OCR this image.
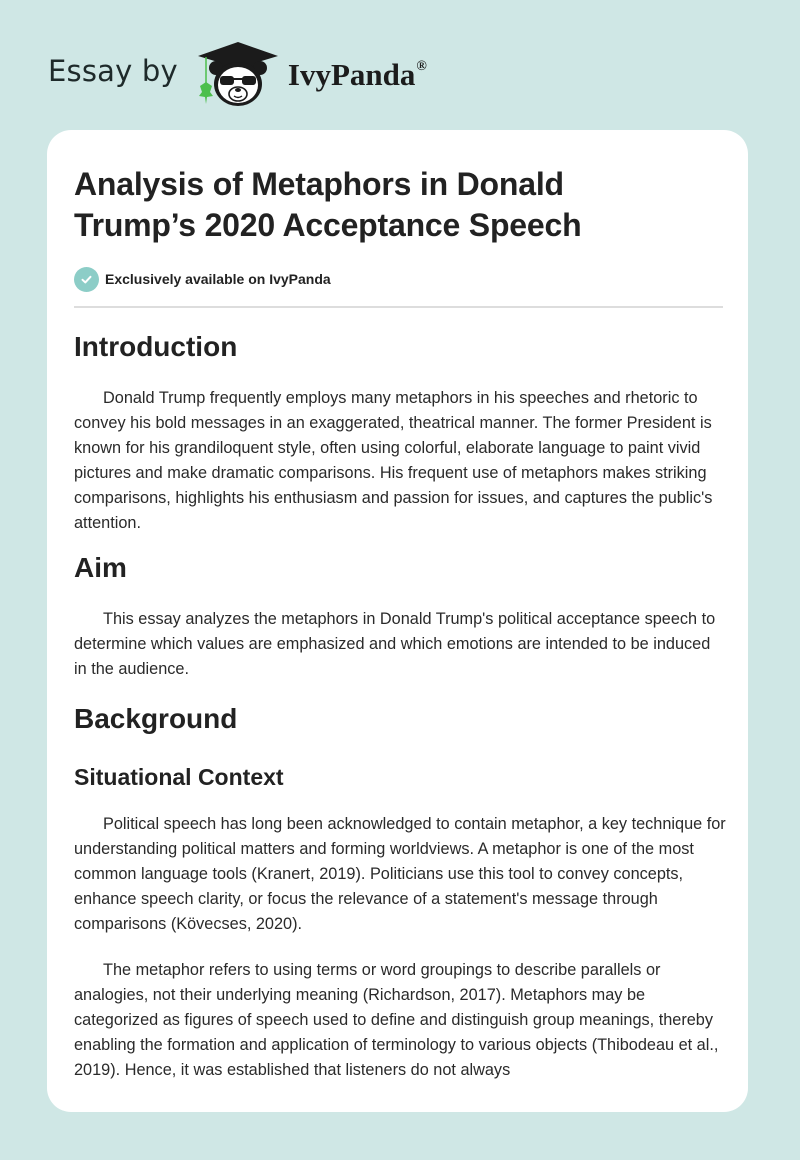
Essay by	IvyPanda®
Analysis of Metaphors in Donald Trump’s 2020 Acceptance Speech
Exclusively available on IvyPanda
Introduction

Donald Trump frequently employs many metaphors in his speeches and rhetoric to convey his bold messages in an exaggerated, theatrical manner. The former President is known for his grandiloquent style, often using colorful, elaborate language to paint vivid pictures and make dramatic comparisons. His frequent use of metaphors makes striking comparisons, highlights his enthusiasm and passion for issues, and captures the public's attention.

Aim

This essay analyzes the metaphors in Donald Trump's political acceptance speech to determine which values are emphasized and which emotions are intended to be induced in the audience.

Background
Situational Context

Political speech has long been acknowledged to contain metaphor, a key technique for understanding political matters and forming worldviews. A metaphor is one of the most common language tools (Kranert, 2019). Politicians use this tool to convey concepts, enhance speech clarity, or focus the relevance of a statement's message through comparisons (Kövecses, 2020).

The metaphor refers to using terms or word groupings to describe parallels or analogies, not their underlying meaning (Richardson, 2017). Metaphors may be categorized as figures of speech used to define and distinguish group meanings, thereby enabling the formation and application of terminology to various objects (Thibodeau et al., 2019). Hence, it was established that listeners do not always
